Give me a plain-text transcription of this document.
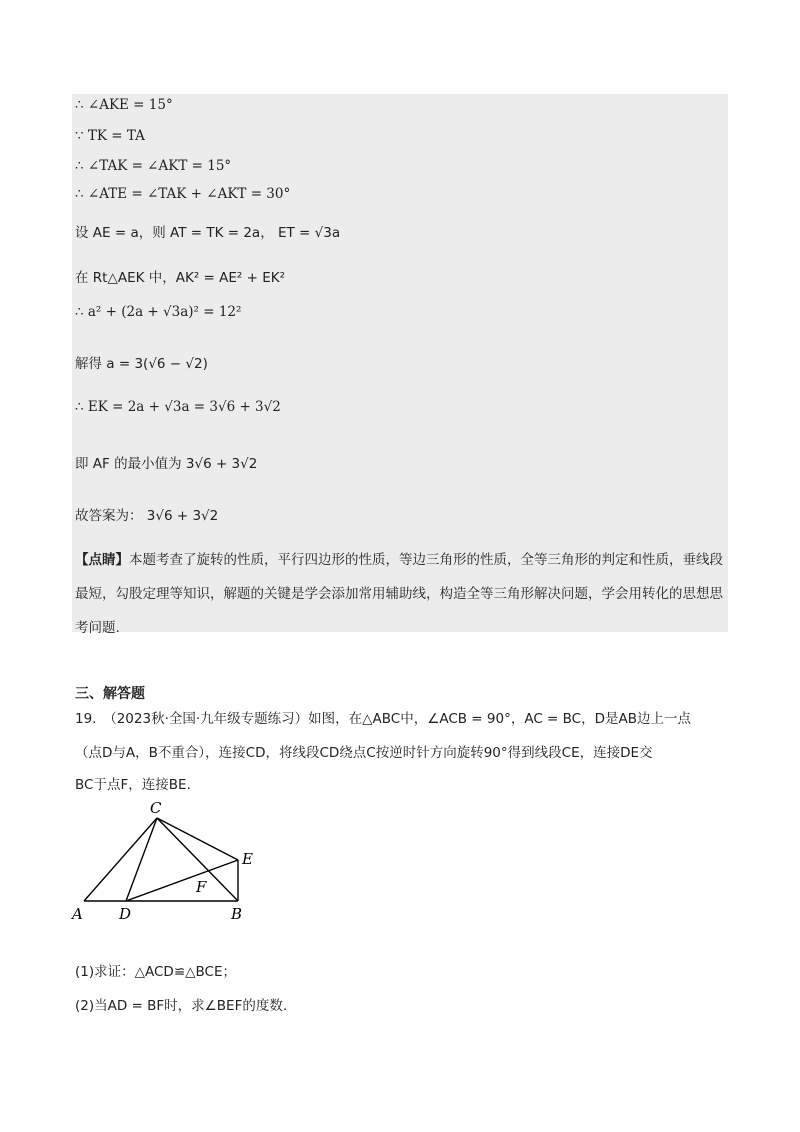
∴ ∠AKE = 15°
∵ TK = TA
∴ ∠TAK = ∠AKT = 15°
∴ ∠ATE = ∠TAK + ∠AKT = 30°
设 AE = a，则 AT = TK = 2a， ET = √3a
在 Rt△AEK 中，AK² = AE² + EK²
∴ a² + (2a + √3a)² = 12²
解得 a = 3(√6 − √2)
∴ EK = 2a + √3a = 3√6 + 3√2
即 AF 的最小值为 3√6 + 3√2
故答案为： 3√6 + 3√2
【点睛】本题考查了旋转的性质，平行四边形的性质，等边三角形的性质，全等三角形的判定和性质，垂线段最短，勾股定理等知识，解题的关键是学会添加常用辅助线，构造全等三角形解决问题，学会用转化的思想思考问题.
三、解答题
19.　（2023秋·全国·九年级专题练习）如图，在△ABC中，∠ACB = 90°，AC = BC，D是AB边上一点
（点D与A，B不重合），连接CD，将线段CD绕点C按逆时针方向旋转90°得到线段CE，连接DE交
BC于点F，连接BE.
C
E
F
A D	B
(1)求证：△ACD≌△BCE；
(2)当AD = BF时，求∠BEF的度数.
